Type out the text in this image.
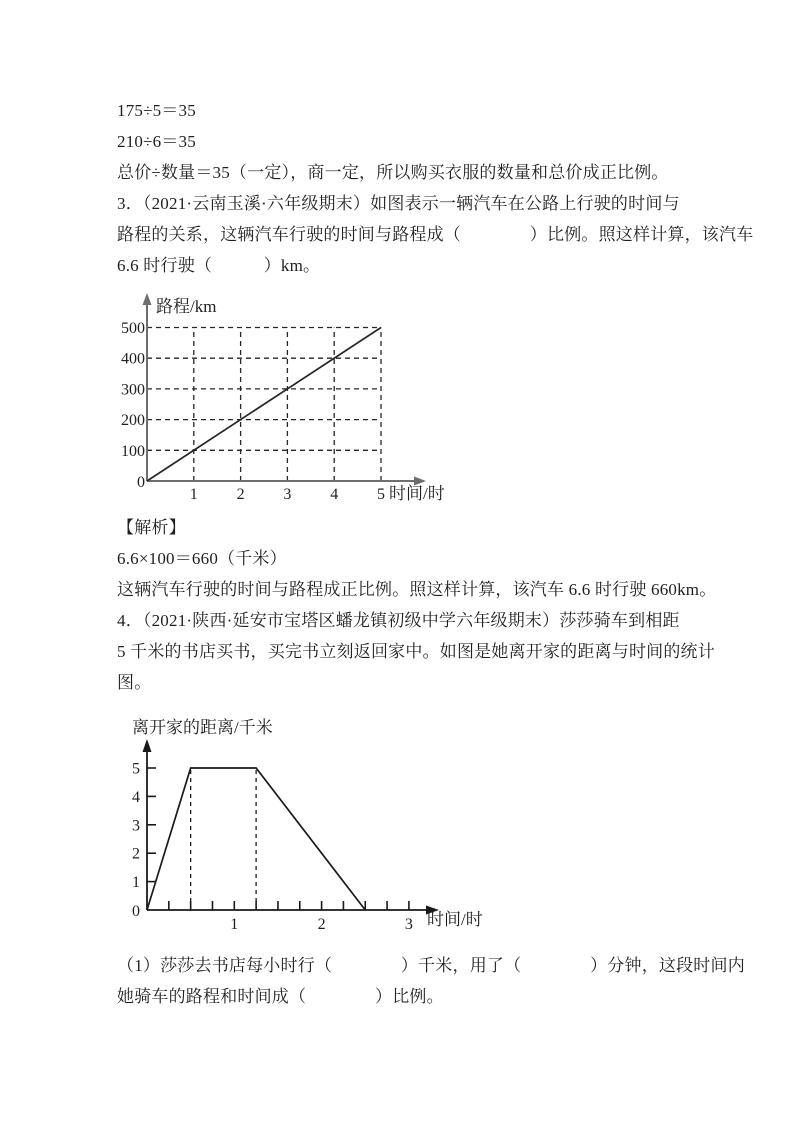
175÷5＝35
210÷6＝35
总价÷数量＝35（一定），商一定，所以购买衣服的数量和总价成正比例。
3．（2021·云南玉溪·六年级期末）如图表示一辆汽车在公路上行驶的时间与
路程的关系，这辆汽车行驶的时间与路程成（　　　　）比例。照这样计算，该汽车
6.6 时行驶（　　　）km。
100
200
300
400
500
1 2 3 4 5
0
路程/km
时间/时
【解析】
6.6×100＝660（千米）
这辆汽车行驶的时间与路程成正比例。照这样计算，该汽车 6.6 时行驶 660km。
4．（2021·陕西·延安市宝塔区蟠龙镇初级中学六年级期末）莎莎骑车到相距
5 千米的书店买书，买完书立刻返回家中。如图是她离开家的距离与时间的统计
图。
1
2
3
4
5
1	2	3
0
离开家的距离/千米
时间/时
（1）莎莎去书店每小时行（　　　　）千米，用了（　　　　）分钟，这段时间内
她骑车的路程和时间成（　　　　）比例。
